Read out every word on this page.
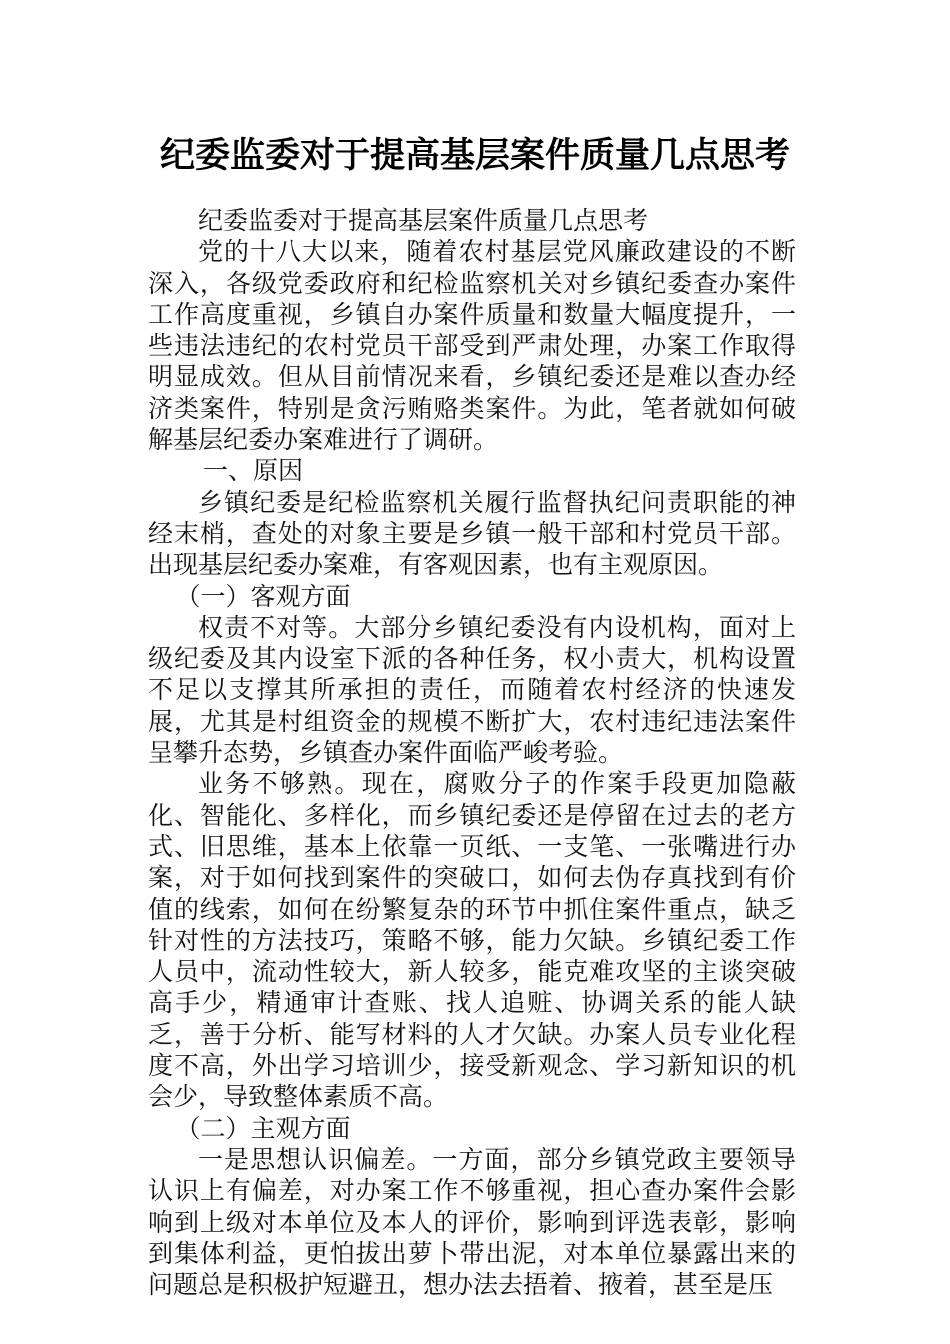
纪委监委对于提高基层案件质量几点思考

纪委监委对于提高基层案件质量几点思考

党的十八大以来，随着农村基层党风廉政建设的不断深入，各级党委政府和纪检监察机关对乡镇纪委查办案件工作高度重视，乡镇自办案件质量和数量大幅度提升，一些违法违纪的农村党员干部受到严肃处理，办案工作取得明显成效。但从目前情况来看，乡镇纪委还是难以查办经济类案件，特别是贪污贿赂类案件。为此，笔者就如何破解基层纪委办案难进行了调研。

一、原因

乡镇纪委是纪检监察机关履行监督执纪问责职能的神经末梢，查处的对象主要是乡镇一般干部和村党员干部。出现基层纪委办案难，有客观因素，也有主观原因。

（一）客观方面

权责不对等。大部分乡镇纪委没有内设机构，面对上级纪委及其内设室下派的各种任务，权小责大，机构设置不足以支撑其所承担的责任，而随着农村经济的快速发展，尤其是村组资金的规模不断扩大，农村违纪违法案件呈攀升态势，乡镇查办案件面临严峻考验。

业务不够熟。现在，腐败分子的作案手段更加隐蔽化、智能化、多样化，而乡镇纪委还是停留在过去的老方式、旧思维，基本上依靠一页纸、一支笔、一张嘴进行办案，对于如何找到案件的突破口，如何去伪存真找到有价值的线索，如何在纷繁复杂的环节中抓住案件重点，缺乏针对性的方法技巧，策略不够，能力欠缺。乡镇纪委工作人员中，流动性较大，新人较多，能克难攻坚的主谈突破高手少，精通审计查账、找人追赃、协调关系的能人缺乏，善于分析、能写材料的人才欠缺。办案人员专业化程度不高，外出学习培训少，接受新观念、学习新知识的机会少，导致整体素质不高。

（二）主观方面

一是思想认识偏差。一方面，部分乡镇党政主要领导认识上有偏差，对办案工作不够重视，担心查办案件会影响到上级对本单位及本人的评价，影响到评选表彰，影响到集体利益，更怕拔出萝卜带出泥，对本单位暴露出来的问题总是积极护短避丑，想办法去捂着、掖着，甚至是压
